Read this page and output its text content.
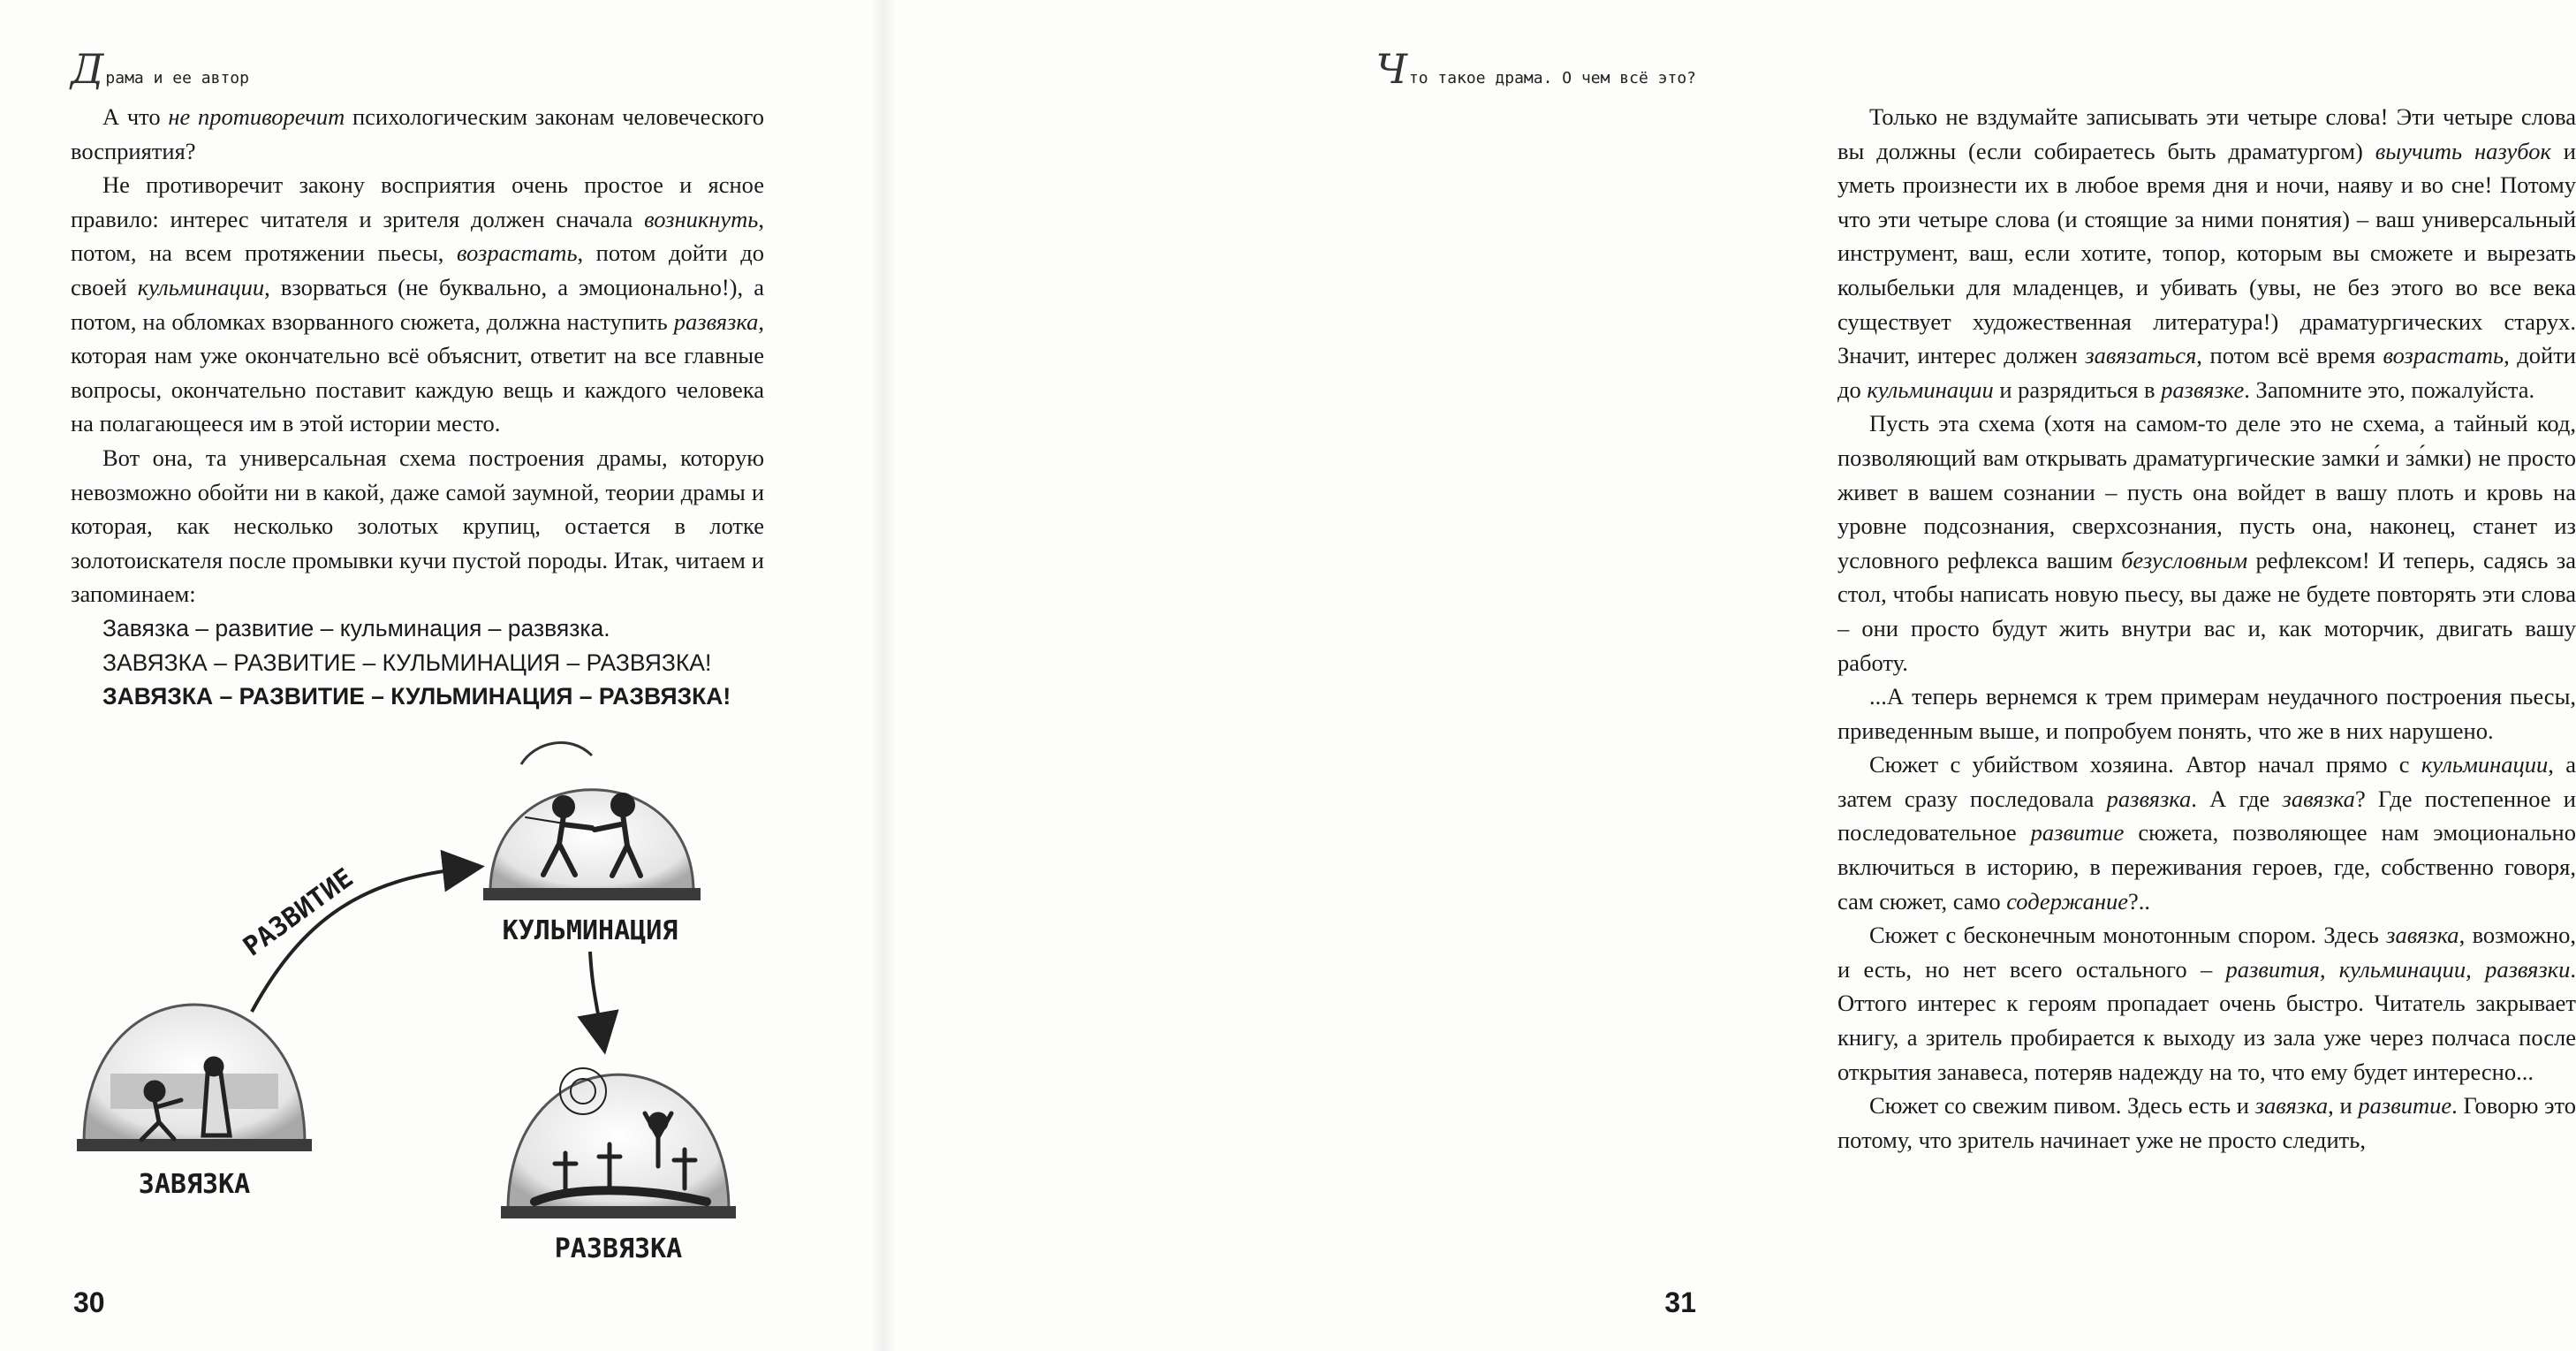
Д рама и ее автор

А что не противоречит психологическим законам человеческого восприятия?

Не противоречит закону восприятия очень простое и ясное правило: интерес читателя и зрителя должен сначала возникнуть, потом, на всем протяжении пьесы, возрастать, потом дойти до своей кульминации, взорваться (не буквально, а эмоционально!), а потом, на обломках взорванного сюжета, должна наступить развязка, которая нам уже окончательно всё объяснит, ответит на все главные вопросы, окончательно поставит каждую вещь и каждого человека на полагающееся им в этой истории место.

Вот она, та универсальная схема построения драмы, которую невозможно обойти ни в какой, даже самой заумной, теории драмы и которая, как несколько золотых крупиц, остается в лотке золотоискателя после промывки кучи пустой породы. Итак, читаем и запоминаем:

Завязка – развитие – кульминация – развязка.
ЗАВЯЗКА – РАЗВИТИЕ – КУЛЬМИНАЦИЯ – РАЗВЯЗКА!
ЗАВЯЗКА – РАЗВИТИЕ – КУЛЬМИНАЦИЯ – РАЗВЯЗКА!
КУЛЬМИНАЦИЯ
РАЗВИТИЕ
ЗАВЯЗКА
РАЗВЯЗКА
30
Ч то такое драма. О чем всё это?

Только не вздумайте записывать эти четыре слова! Эти четыре слова вы должны (если собираетесь быть драматургом) выучить назубок и уметь произнести их в любое время дня и ночи, наяву и во сне! Потому что эти четыре слова (и стоящие за ними понятия) – ваш универсальный инструмент, ваш, если хотите, топор, которым вы сможете и вырезать колыбельки для младенцев, и убивать (увы, не без этого во все века существует художественная литература!) драматургических старух. Значит, интерес должен завязаться, потом всё время возрастать, дойти до кульминации и разрядиться в развязке. Запомните это, пожалуйста.

Пусть эта схема (хотя на самом-то деле это не схема, а тайный код, позволяющий вам открывать драматургические замки́ и за́мки) не просто живет в вашем сознании – пусть она войдет в вашу плоть и кровь на уровне подсознания, сверхсознания, пусть она, наконец, станет из условного рефлекса вашим безусловным рефлексом! И теперь, садясь за стол, чтобы написать новую пьесу, вы даже не будете повторять эти слова – они просто будут жить внутри вас и, как моторчик, двигать вашу работу.

...А теперь вернемся к трем примерам неудачного построения пьесы, приведенным выше, и попробуем понять, что же в них нарушено.

Сюжет с убийством хозяина. Автор начал прямо с кульминации, а затем сразу последовала развязка. А где завязка? Где постепенное и последовательное развитие сюжета, позволяющее нам эмоционально включиться в историю, в переживания героев, где, собственно говоря, сам сюжет, само содержание?..

Сюжет с бесконечным монотонным спором. Здесь завязка, возможно, и есть, но нет всего остального – развития, кульминации, развязки. Оттого интерес к героям пропадает очень быстро. Читатель закрывает книгу, а зритель пробирается к выходу из зала уже через полчаса после открытия занавеса, потеряв надежду на то, что ему будет интересно...

Сюжет со свежим пивом. Здесь есть и завязка, и развитие. Говорю это потому, что зритель начинает уже не просто следить,

31
